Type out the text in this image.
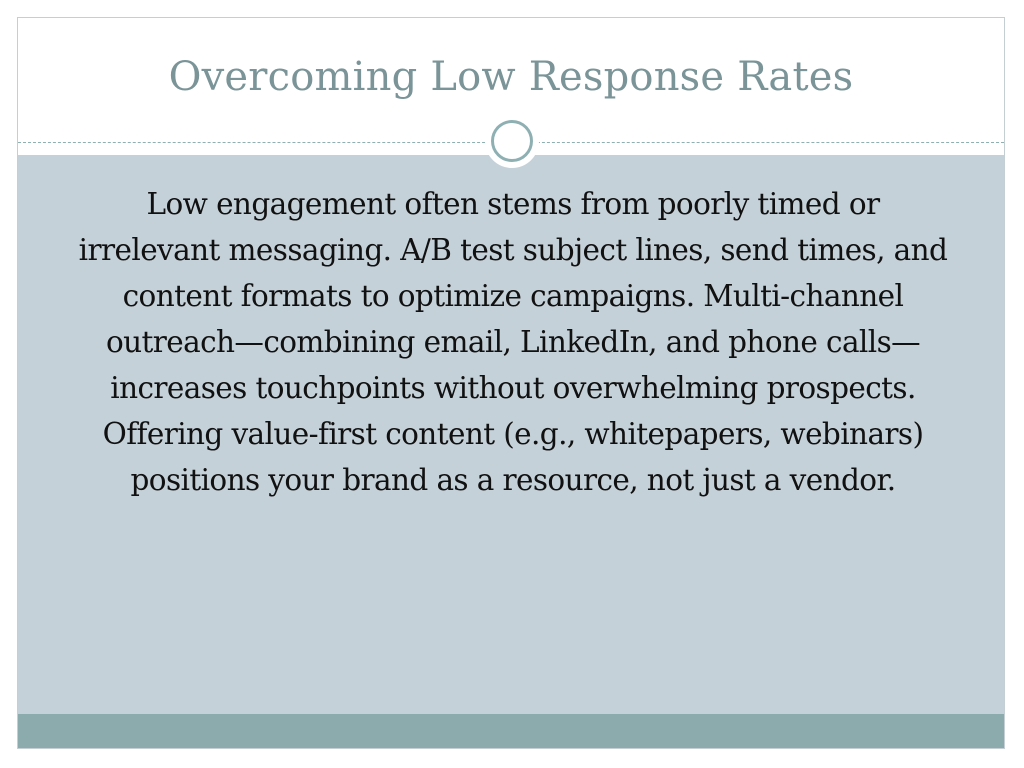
Overcoming Low Response Rates

Low engagement often stems from poorly timed or irrelevant messaging. A/B test subject lines, send times, and content formats to optimize campaigns. Multi-channel outreach—combining email, LinkedIn, and phone calls—increases touchpoints without overwhelming prospects. Offering value-first content (e.g., whitepapers, webinars) positions your brand as a resource, not just a vendor.
